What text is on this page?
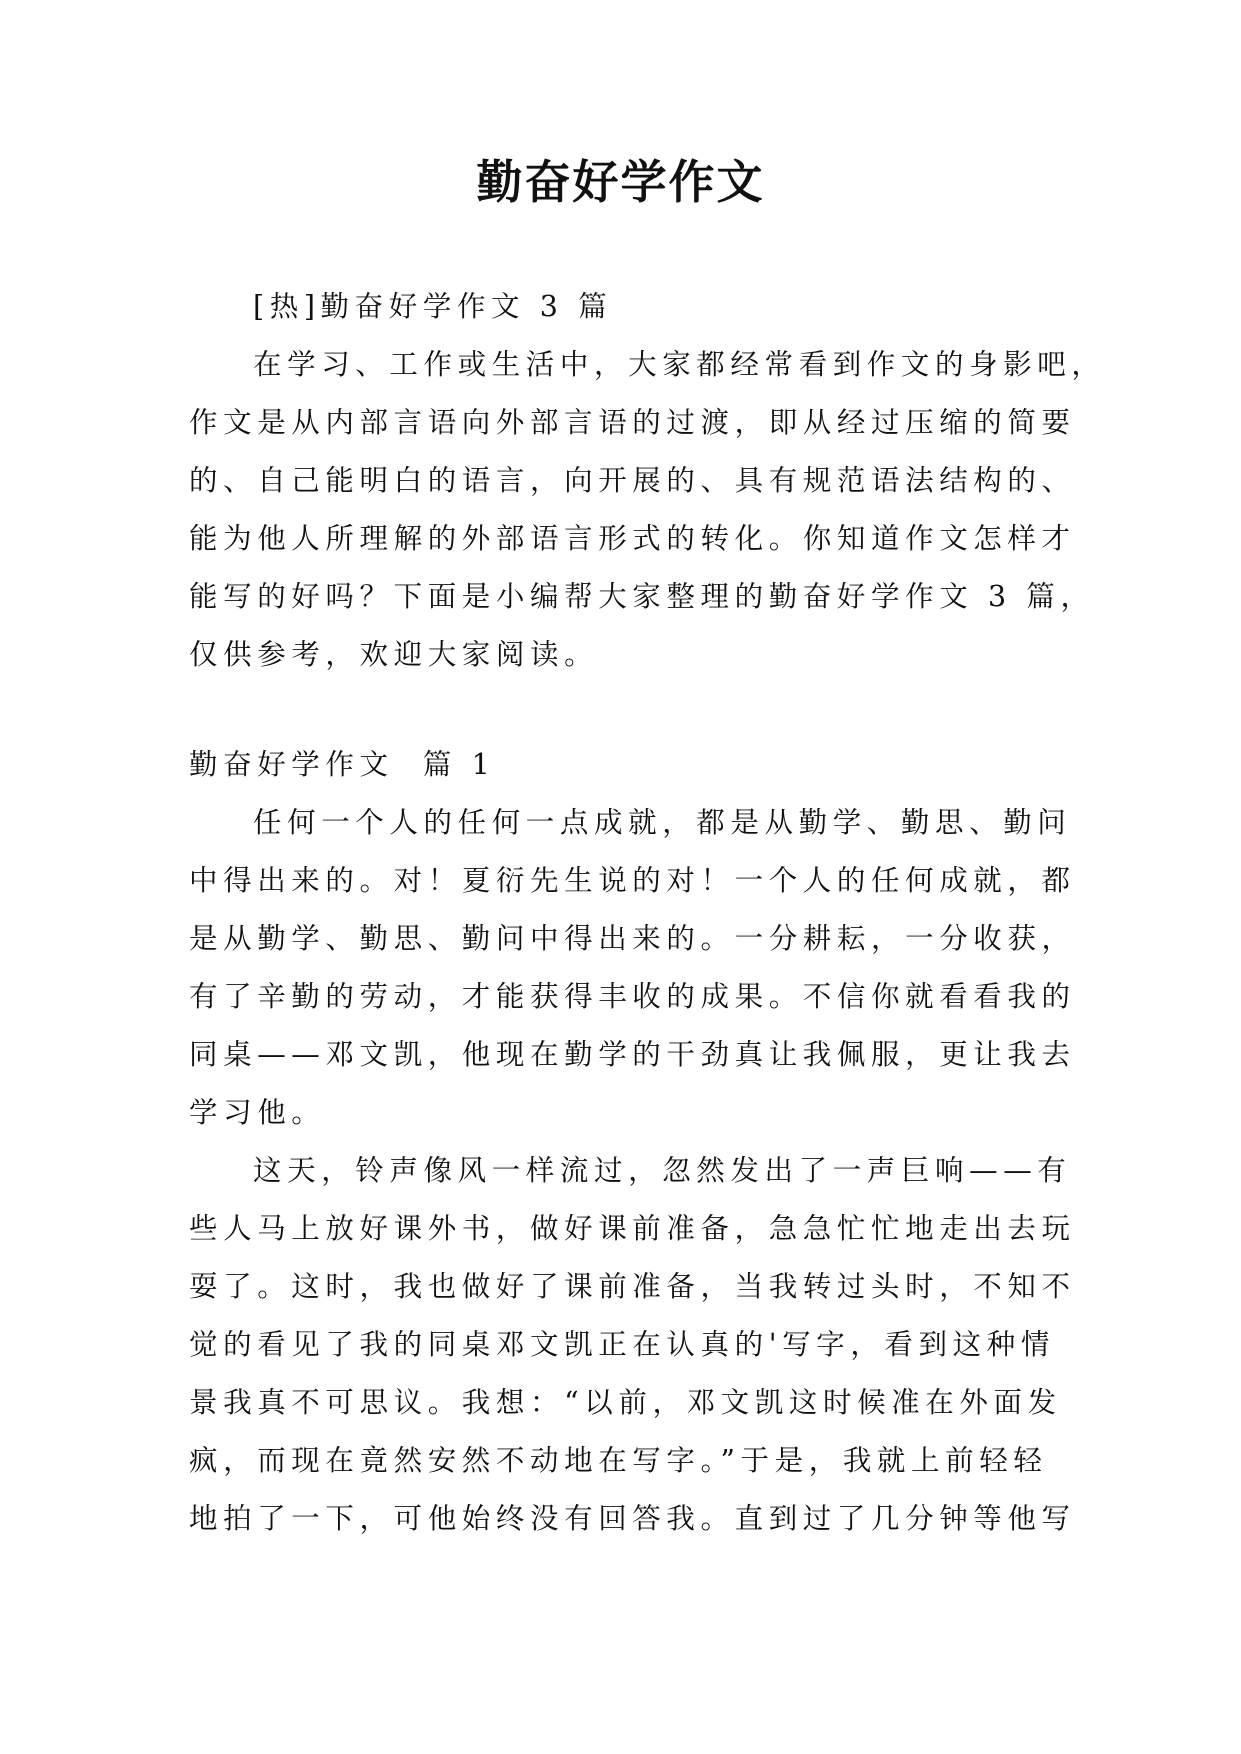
勤奋好学作文

[热]勤奋好学作文 3 篇

在学习、工作或生活中，大家都经常看到作文的身影吧，

作文是从内部言语向外部言语的过渡，即从经过压缩的简要

的、自己能明白的语言，向开展的、具有规范语法结构的、

能为他人所理解的外部语言形式的转化。你知道作文怎样才

能写的好吗？下面是小编帮大家整理的勤奋好学作文 3 篇，

仅供参考，欢迎大家阅读。

勤奋好学作文  篇 1

任何一个人的任何一点成就，都是从勤学、勤思、勤问

中得出来的。对！夏衍先生说的对！一个人的任何成就，都

是从勤学、勤思、勤问中得出来的。一分耕耘，一分收获，

有了辛勤的劳动，才能获得丰收的成果。不信你就看看我的

同桌——邓文凯，他现在勤学的干劲真让我佩服，更让我去

学习他。

这天，铃声像风一样流过，忽然发出了一声巨响——有

些人马上放好课外书，做好课前准备，急急忙忙地走出去玩

耍了。这时，我也做好了课前准备，当我转过头时，不知不

觉的看见了我的同桌邓文凯正在认真的'写字，看到这种情

景我真不可思议。我想：“以前，邓文凯这时候准在外面发

疯，而现在竟然安然不动地在写字。”于是，我就上前轻轻

地拍了一下，可他始终没有回答我。直到过了几分钟等他写
